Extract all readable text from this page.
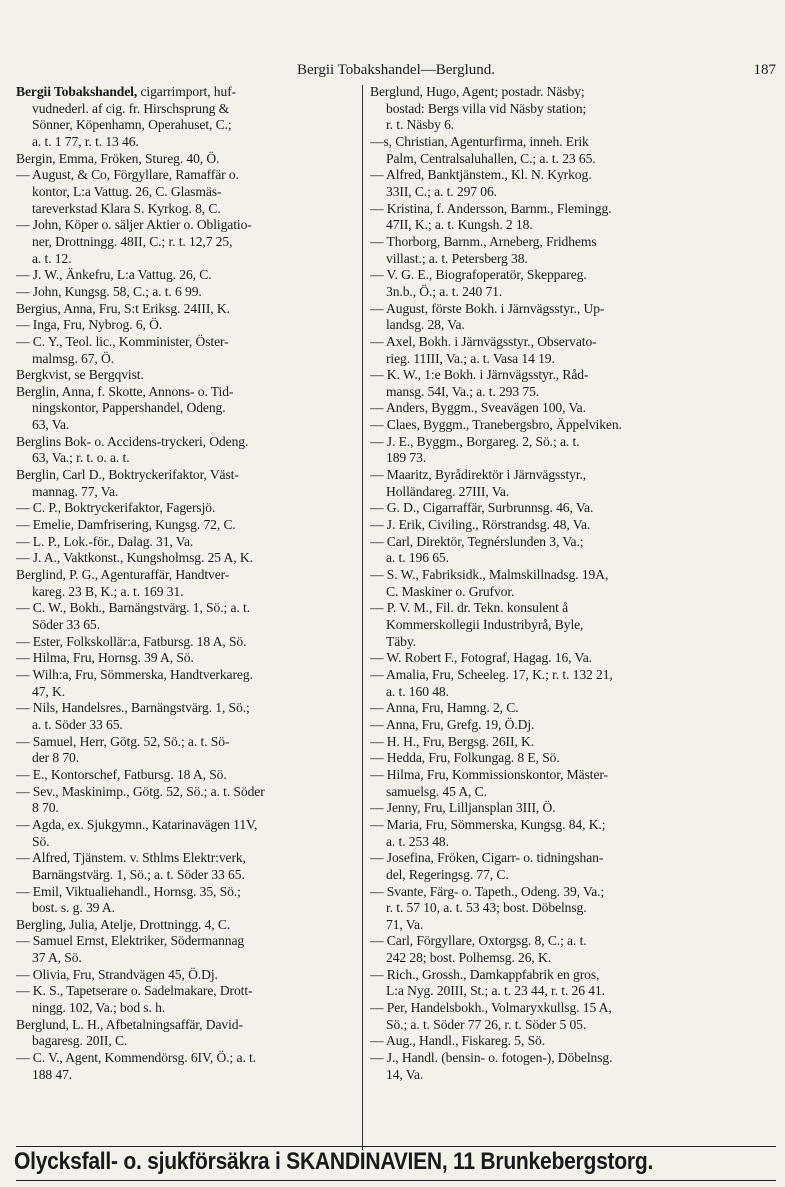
Bergii Tobakshandel—Berglund.	187
Bergii Tobakshandel, cigarrimport, huf-
vudnederl. af cig. fr. Hirschsprung &
Sönner, Köpenhamn, Operahuset, C.;
a. t. 1 77, r. t. 13 46.
Bergin, Emma, Fröken, Stureg. 40, Ö.
— August, & Co, Förgyllare, Ramaffär o.
kontor, L:a Vattug. 26, C. Glasmäs-
tareverkstad Klara S. Kyrkog. 8, C.
— John, Köper o. säljer Aktier o. Obligatio-
ner, Drottningg. 48II, C.; r. t. 12,7 25,
a. t. 12.
— J. W., Änkefru, L:a Vattug. 26, C.
— John, Kungsg. 58, C.; a. t. 6 99.
Bergius, Anna, Fru, S:t Eriksg. 24III, K.
— Inga, Fru, Nybrog. 6, Ö.
— C. Y., Teol. lic., Komminister, Öster-
malmsg. 67, Ö.
Bergkvist, se Bergqvist.
Berglin, Anna, f. Skotte, Annons- o. Tid-
ningskontor, Pappershandel, Odeng.
63, Va.
Berglins Bok- o. Accidens-tryckeri, Odeng.
63, Va.; r. t. o. a. t.
Berglin, Carl D., Boktryckerifaktor, Väst-
mannag. 77, Va.
— C. P., Boktryckerifaktor, Fagersjö.
— Emelie, Damfrisering, Kungsg. 72, C.
— L. P., Lok.-för., Dalag. 31, Va.
— J. A., Vaktkonst., Kungsholmsg. 25 A, K.
Berglind, P. G., Agenturaffär, Handtver-
kareg. 23 B, K.; a. t. 169 31.
— C. W., Bokh., Barnängstvärg. 1, Sö.; a. t.
Söder 33 65.
— Ester, Folkskollär:a, Fatbursg. 18 A, Sö.
— Hilma, Fru, Hornsg. 39 A, Sö.
— Wilh:a, Fru, Sömmerska, Handtverkareg.
47, K.
— Nils, Handelsres., Barnängstvärg. 1, Sö.;
a. t. Söder 33 65.
— Samuel, Herr, Götg. 52, Sö.; a. t. Sö-
der 8 70.
— E., Kontorschef, Fatbursg. 18 A, Sö.
— Sev., Maskinimp., Götg. 52, Sö.; a. t. Söder
8 70.
— Agda, ex. Sjukgymn., Katarinavägen 11V,
Sö.
— Alfred, Tjänstem. v. Sthlms Elektr:verk,
Barnängstvärg. 1, Sö.; a. t. Söder 33 65.
— Emil, Viktualiehandl., Hornsg. 35, Sö.;
bost. s. g. 39 A.
Bergling, Julia, Atelje, Drottningg. 4, C.
— Samuel Ernst, Elektriker, Södermannag
37 A, Sö.
— Olivia, Fru, Strandvägen 45, Ö.Dj.
— K. S., Tapetserare o. Sadelmakare, Drott-
ningg. 102, Va.; bod s. h.
Berglund, L. H., Afbetalningsaffär, David-
bagaresg. 20II, C.
— C. V., Agent, Kommendörsg. 6IV, Ö.; a. t.
188 47.
Berglund, Hugo, Agent; postadr. Näsby;
bostad: Bergs villa vid Näsby station;
r. t. Näsby 6.
—s, Christian, Agenturfirma, inneh. Erik
Palm, Centralsaluhallen, C.; a. t. 23 65.
— Alfred, Banktjänstem., Kl. N. Kyrkog.
33II, C.; a. t. 297 06.
— Kristina, f. Andersson, Barnm., Flemingg.
47II, K.; a. t. Kungsh. 2 18.
— Thorborg, Barnm., Arneberg, Fridhems
villast.; a. t. Petersberg 38.
— V. G. E., Biografoperatör, Skeppareg.
3n.b., Ö.; a. t. 240 71.
— August, förste Bokh. i Järnvägsstyr., Up-
landsg. 28, Va.
— Axel, Bokh. i Järnvägsstyr., Observato-
rieg. 11III, Va.; a. t. Vasa 14 19.
— K. W., 1:e Bokh. i Järnvägsstyr., Råd-
mansg. 54I, Va.; a. t. 293 75.
— Anders, Byggm., Sveavägen 100, Va.
— Claes, Byggm., Tranebergsbro, Äppelviken.
— J. E., Byggm., Borgareg. 2, Sö.; a. t.
189 73.
— Maaritz, Byrådirektör i Järnvägsstyr.,
Holländareg. 27III, Va.
— G. D., Cigarraffär, Surbrunnsg. 46, Va.
— J. Erik, Civiling., Rörstrandsg. 48, Va.
— Carl, Direktör, Tegnérslunden 3, Va.;
a. t. 196 65.
— S. W., Fabriksidk., Malmskillnadsg. 19A,
C. Maskiner o. Grufvor.
— P. V. M., Fil. dr. Tekn. konsulent å
Kommerskollegii Industribyrå, Byle,
Täby.
— W. Robert F., Fotograf, Hagag. 16, Va.
— Amalia, Fru, Scheeleg. 17, K.; r. t. 132 21,
a. t. 160 48.
— Anna, Fru, Hamng. 2, C.
— Anna, Fru, Grefg. 19, Ö.Dj.
— H. H., Fru, Bergsg. 26II, K.
— Hedda, Fru, Folkungag. 8 E, Sö.
— Hilma, Fru, Kommissionskontor, Mäster-
samuelsg. 45 A, C.
— Jenny, Fru, Lilljansplan 3III, Ö.
— Maria, Fru, Sömmerska, Kungsg. 84, K.;
a. t. 253 48.
— Josefina, Fröken, Cigarr- o. tidningshan-
del, Regeringsg. 77, C.
— Svante, Färg- o. Tapeth., Odeng. 39, Va.;
r. t. 57 10, a. t. 53 43; bost. Döbelnsg.
71, Va.
— Carl, Förgyllare, Oxtorgsg. 8, C.; a. t.
242 28; bost. Polhemsg. 26, K.
— Rich., Grossh., Damkappfabrik en gros,
L:a Nyg. 20III, St.; a. t. 23 44, r. t. 26 41.
— Per, Handelsbokh., Volmaryxkullsg. 15 A,
Sö.; a. t. Söder 77 26, r. t. Söder 5 05.
— Aug., Handl., Fiskareg. 5, Sö.
— J., Handl. (bensin- o. fotogen-), Döbelnsg.
14, Va.
Olycksfall- o. sjukförsäkra i SKANDINAVIEN, 11 Brunkebergstorg.
